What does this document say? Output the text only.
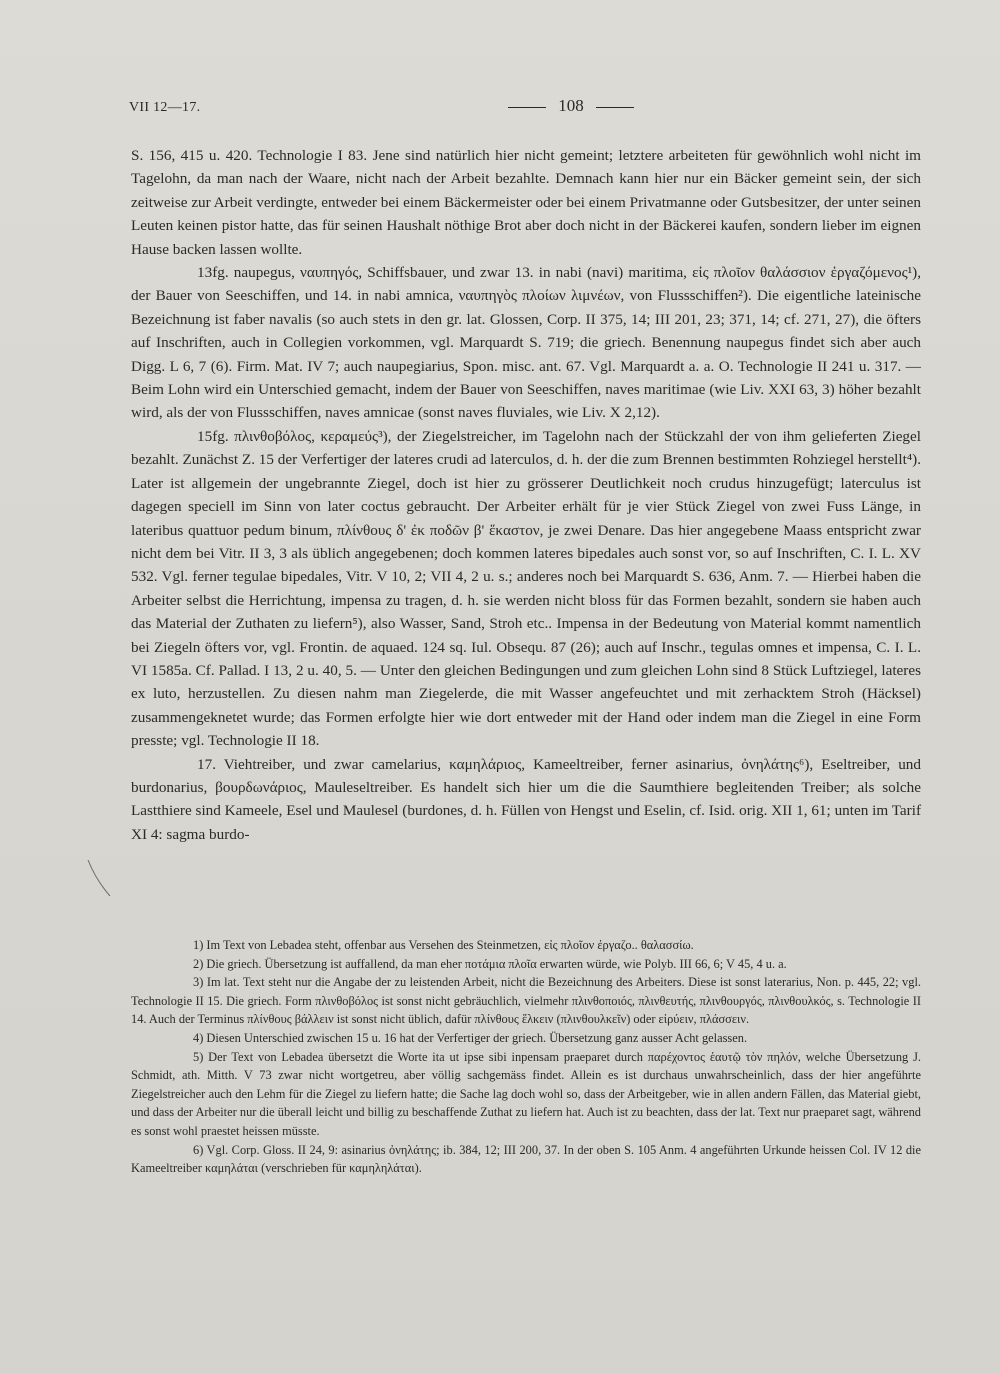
VII 12—17.	108

S. 156, 415 u. 420. Technologie I 83. Jene sind natürlich hier nicht gemeint; letztere arbeiteten für gewöhnlich wohl nicht im Tagelohn, da man nach der Waare, nicht nach der Arbeit bezahlte. Demnach kann hier nur ein Bäcker gemeint sein, der sich zeitweise zur Arbeit verdingte, entweder bei einem Bäckermeister oder bei einem Privatmanne oder Gutsbesitzer, der unter seinen Leuten keinen pistor hatte, das für seinen Haushalt nöthige Brot aber doch nicht in der Bäckerei kaufen, sondern lieber im eignen Hause backen lassen wollte.

13fg. naupegus, ναυπηγός, Schiffsbauer, und zwar 13. in nabi (navi) maritima, εἰς πλοῖον θαλάσσιον ἐργαζόμενος¹), der Bauer von Seeschiffen, und 14. in nabi amnica, ναυπηγὸς πλοίων λιμνέων, von Flussschiffen²). Die eigentliche lateinische Bezeichnung ist faber navalis (so auch stets in den gr. lat. Glossen, Corp. II 375, 14; III 201, 23; 371, 14; cf. 271, 27), die öfters auf Inschriften, auch in Collegien vorkommen, vgl. Marquardt S. 719; die griech. Benennung naupegus findet sich aber auch Digg. L 6, 7 (6). Firm. Mat. IV 7; auch naupegiarius, Spon. misc. ant. 67. Vgl. Marquardt a. a. O. Technologie II 241 u. 317. — Beim Lohn wird ein Unterschied gemacht, indem der Bauer von Seeschiffen, naves maritimae (wie Liv. XXI 63, 3) höher bezahlt wird, als der von Flussschiffen, naves amnicae (sonst naves fluviales, wie Liv. X 2,12).

15fg. πλινθοβόλος, κεραμεύς³), der Ziegelstreicher, im Tagelohn nach der Stückzahl der von ihm gelieferten Ziegel bezahlt. Zunächst Z. 15 der Verfertiger der lateres crudi ad laterculos, d. h. der die zum Brennen bestimmten Rohziegel herstellt⁴). Later ist allgemein der ungebrannte Ziegel, doch ist hier zu grösserer Deutlichkeit noch crudus hinzugefügt; laterculus ist dagegen speciell im Sinn von later coctus gebraucht. Der Arbeiter erhält für je vier Stück Ziegel von zwei Fuss Länge, in lateribus quattuor pedum binum, πλίνθους δ' ἐκ ποδῶν β' ἕκαστον, je zwei Denare. Das hier angegebene Maass entspricht zwar nicht dem bei Vitr. II 3, 3 als üblich angegebenen; doch kommen lateres bipedales auch sonst vor, so auf Inschriften, C. I. L. XV 532. Vgl. ferner tegulae bipedales, Vitr. V 10, 2; VII 4, 2 u. s.; anderes noch bei Marquardt S. 636, Anm. 7. — Hierbei haben die Arbeiter selbst die Herrichtung, impensa zu tragen, d. h. sie werden nicht bloss für das Formen bezahlt, sondern sie haben auch das Material der Zuthaten zu liefern⁵), also Wasser, Sand, Stroh etc.. Impensa in der Bedeutung von Material kommt namentlich bei Ziegeln öfters vor, vgl. Frontin. de aquaed. 124 sq. Iul. Obsequ. 87 (26); auch auf Inschr., tegulas omnes et impensa, C. I. L. VI 1585a. Cf. Pallad. I 13, 2 u. 40, 5. — Unter den gleichen Bedingungen und zum gleichen Lohn sind 8 Stück Luftziegel, lateres ex luto, herzustellen. Zu diesen nahm man Ziegelerde, die mit Wasser angefeuchtet und mit zerhacktem Stroh (Häcksel) zusammengeknetet wurde; das Formen erfolgte hier wie dort entweder mit der Hand oder indem man die Ziegel in eine Form presste; vgl. Technologie II 18.

17. Viehtreiber, und zwar camelarius, καμηλάριος, Kameeltreiber, ferner asinarius, ὀνηλάτης⁶), Eseltreiber, und burdonarius, βουρδωνάριος, Mauleseltreiber. Es handelt sich hier um die die Saumthiere begleitenden Treiber; als solche Lastthiere sind Kameele, Esel und Maulesel (burdones, d. h. Füllen von Hengst und Eselin, cf. Isid. orig. XII 1, 61; unten im Tarif XI 4: sagma burdo-

1) Im Text von Lebadea steht, offenbar aus Versehen des Steinmetzen, εἰς πλοῖον ἐργαζο.. θαλασσίω.

2) Die griech. Übersetzung ist auffallend, da man eher ποτάμια πλοῖα erwarten würde, wie Polyb. III 66, 6; V 45, 4 u. a.

3) Im lat. Text steht nur die Angabe der zu leistenden Arbeit, nicht die Bezeichnung des Arbeiters. Diese ist sonst laterarius, Non. p. 445, 22; vgl. Technologie II 15. Die griech. Form πλινθοβόλος ist sonst nicht gebräuchlich, vielmehr πλινθοποιός, πλινθευτής, πλινθουργός, πλινθουλκός, s. Technologie II 14. Auch der Terminus πλίνθους βάλλειν ist sonst nicht üblich, dafür πλίνθους ἕλκειν (πλινθουλκεῖν) oder εἰρύειν, πλάσσειν.

4) Diesen Unterschied zwischen 15 u. 16 hat der Verfertiger der griech. Übersetzung ganz ausser Acht gelassen.

5) Der Text von Lebadea übersetzt die Worte ita ut ipse sibi inpensam praeparet durch παρέχοντος ἑαυτῷ τὸν πηλόν, welche Übersetzung J. Schmidt, ath. Mitth. V 73 zwar nicht wortgetreu, aber völlig sachgemäss findet. Allein es ist durchaus unwahrscheinlich, dass der hier angeführte Ziegelstreicher auch den Lehm für die Ziegel zu liefern hatte; die Sache lag doch wohl so, dass der Arbeitgeber, wie in allen andern Fällen, das Material giebt, und dass der Arbeiter nur die überall leicht und billig zu beschaffende Zuthat zu liefern hat. Auch ist zu beachten, dass der lat. Text nur praeparet sagt, während es sonst wohl praestet heissen müsste.

6) Vgl. Corp. Gloss. II 24, 9: asinarius ὀνηλάτης; ib. 384, 12; III 200, 37. In der oben S. 105 Anm. 4 angeführten Urkunde heissen Col. IV 12 die Kameeltreiber καμηλάται (verschrieben für καμηληλάται).
